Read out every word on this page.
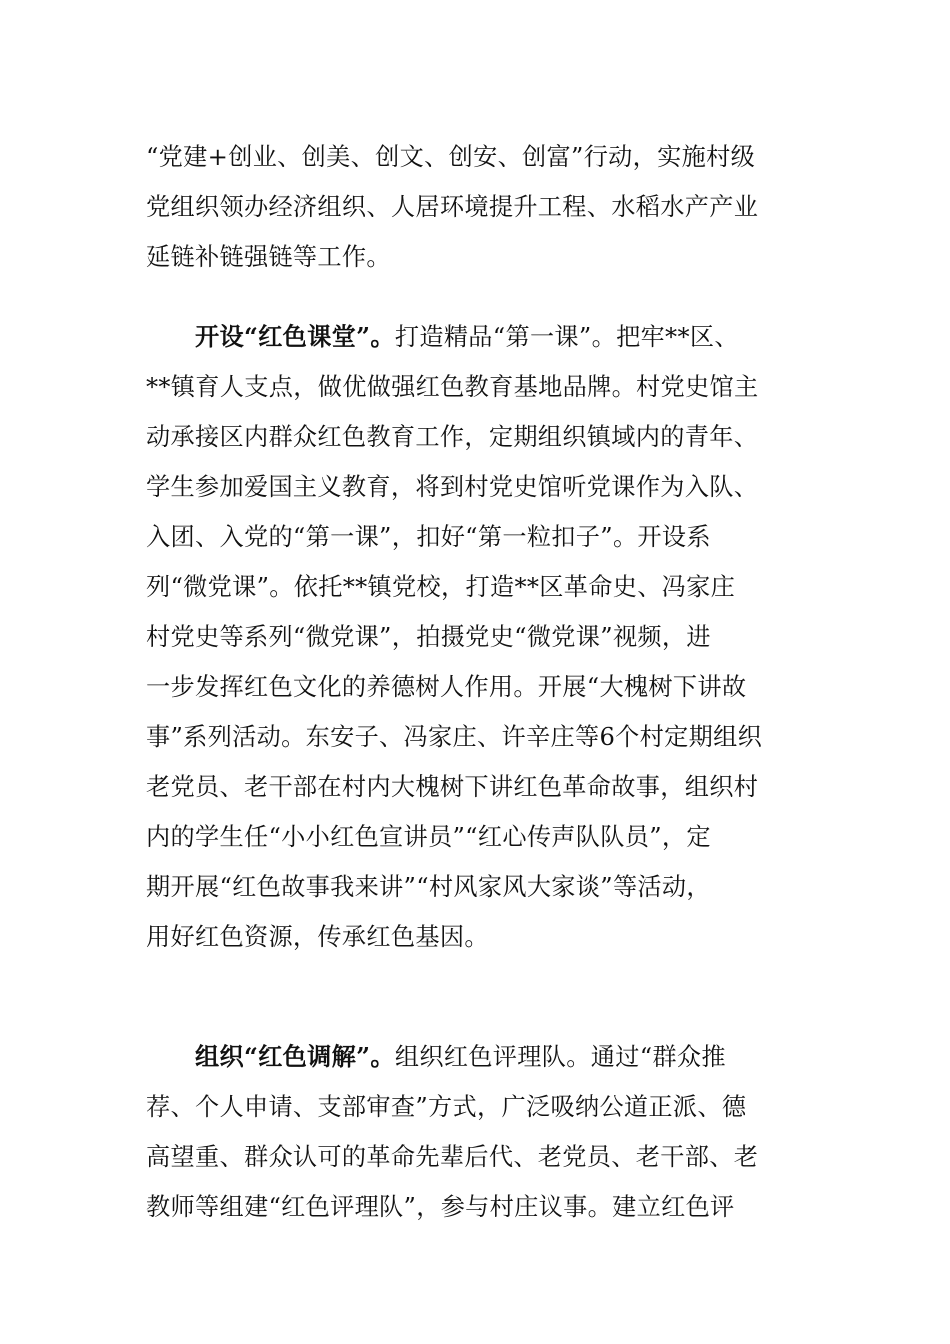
“党建+创业、创美、创文、创安、创富”行动，实施村级
党组织领办经济组织、人居环境提升工程、水稻水产产业
延链补链强链等工作。
开设“红色课堂”。打造精品“第一课”。把牢**区、
**镇育人支点，做优做强红色教育基地品牌。村党史馆主
动承接区内群众红色教育工作，定期组织镇域内的青年、
学生参加爱国主义教育，将到村党史馆听党课作为入队、
入团、入党的“第一课”，扣好“第一粒扣子”。开设系
列“微党课”。依托**镇党校，打造**区革命史、冯家庄
村党史等系列“微党课”，拍摄党史“微党课”视频，进
一步发挥红色文化的养德树人作用。开展“大槐树下讲故
事”系列活动。东安子、冯家庄、许辛庄等6个村定期组织
老党员、老干部在村内大槐树下讲红色革命故事，组织村
内的学生任“小小红色宣讲员”“红心传声队队员”，定
期开展“红色故事我来讲”“村风家风大家谈”等活动，
用好红色资源，传承红色基因。
组织“红色调解”。组织红色评理队。通过“群众推
荐、个人申请、支部审查”方式，广泛吸纳公道正派、德
高望重、群众认可的革命先辈后代、老党员、老干部、老
教师等组建“红色评理队”，参与村庄议事。建立红色评
